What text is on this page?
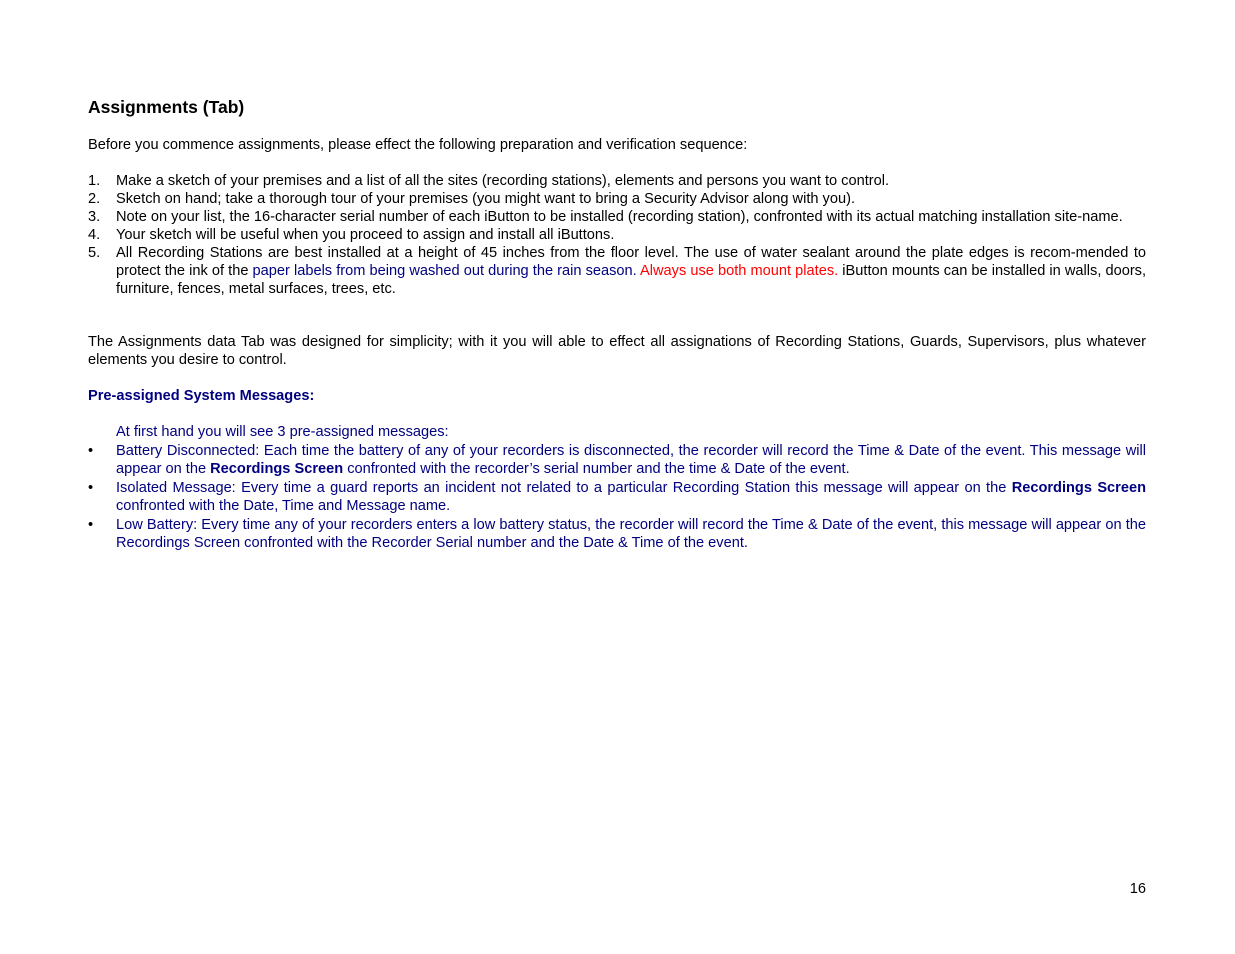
Assignments (Tab)

Before you commence assignments, please effect the following preparation and verification sequence:

1. Make a sketch of your premises and a list of all the sites (recording stations), elements and persons you want to control.
2. Sketch on hand; take a thorough tour of your premises (you might want to bring a Security Advisor along with you).
3. Note on your list, the 16-character serial number of each iButton to be installed (recording station), confronted with its actual matching installation site-name.
4. Your sketch will be useful when you proceed to assign and install all iButtons.
5. All Recording Stations are best installed at a height of 45 inches from the floor level. The use of water sealant around the plate edges is recom-mended to protect the ink of the paper labels from being washed out during the rain season. Always use both mount plates. iButton mounts can be installed in walls, doors, furniture, fences, metal surfaces, trees, etc.

The Assignments data Tab was designed for simplicity; with it you will able to effect all assignations of Recording Stations, Guards, Supervisors, plus whatever elements you desire to control.

Pre-assigned System Messages:

At first hand you will see 3 pre-assigned messages:

• Battery Disconnected: Each time the battery of any of your recorders is disconnected, the recorder will record the Time & Date of the event. This message will appear on the Recordings Screen confronted with the recorder’s serial number and the time & Date of the event.
• Isolated Message: Every time a guard reports an incident not related to a particular Recording Station this message will appear on the Recordings Screen confronted with the Date, Time and Message name.
• Low Battery: Every time any of your recorders enters a low battery status, the recorder will record the Time & Date of the event, this message will appear on the Recordings Screen confronted with the Recorder Serial number and the Date & Time of the event.
16
